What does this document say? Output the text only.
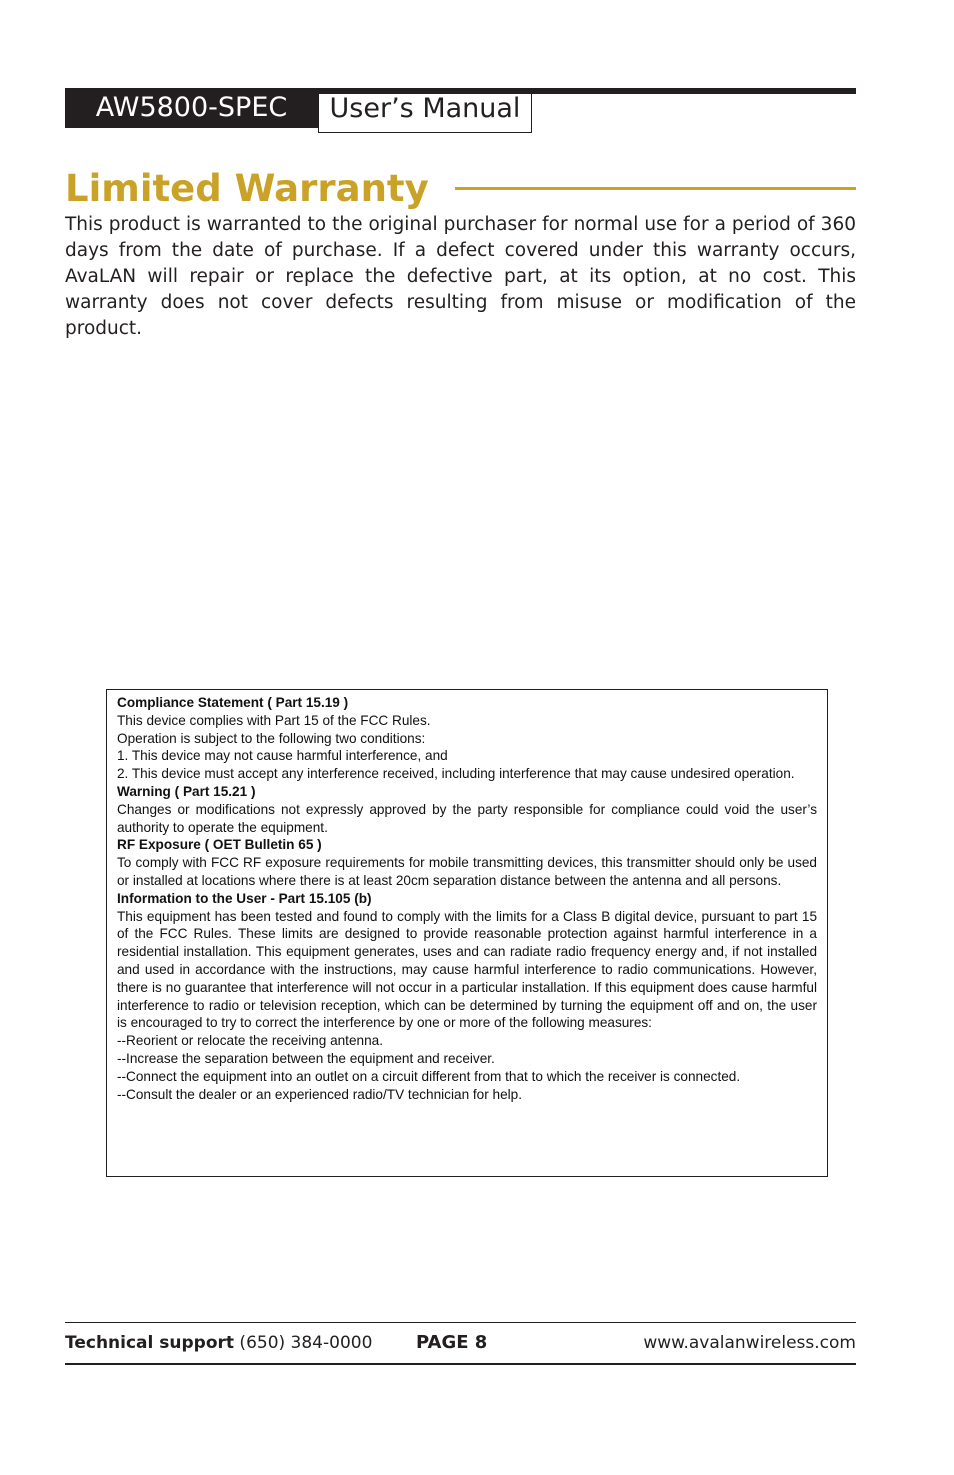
AW5800-SPEC	User’s Manual
Limited Warranty

This product is warranted to the original purchaser for normal use for a period of 360 days from the date of purchase. If a defect covered under this warranty occurs, AvaLAN will repair or replace the defective part, at its option, at no cost. This warranty does not cover defects resulting from misuse or modification of the product.

Compliance Statement ( Part 15.19 )

This device complies with Part 15 of the FCC Rules.

Operation is subject to the following two conditions:

1. This device may not cause harmful interference, and

2. This device must accept any interference received, including interference that may cause undesired operation.

Warning ( Part 15.21 )

Changes or modifications not expressly approved by the party responsible for compliance could void the user’s authority to operate the equipment.

RF Exposure ( OET Bulletin 65 )

To comply with FCC RF exposure requirements for mobile transmitting devices, this transmitter should only be used or installed at locations where there is at least 20cm separation distance between the antenna and all persons.

Information to the User - Part 15.105 (b)

This equipment has been tested and found to comply with the limits for a Class B digital device, pursuant to part 15 of the FCC Rules. These limits are designed to provide reasonable protection against harmful interference in a residential installation. This equipment generates, uses and can radiate radio frequency energy and, if not installed and used in accordance with the instructions, may cause harmful interference to radio communications. However, there is no guarantee that interference will not occur in a particular installation. If this equipment does cause harmful interference to radio or television reception, which can be determined by turning the equipment off and on, the user is encouraged to try to correct the interference by one or more of the following measures:

--Reorient or relocate the receiving antenna.

--Increase the separation between the equipment and receiver.

--Connect the equipment into an outlet on a circuit different from that to which the receiver is connected.

--Consult the dealer or an experienced radio/TV technician for help.

Technical support (650) 384-0000 PAGE 8	www.avalanwireless.com
